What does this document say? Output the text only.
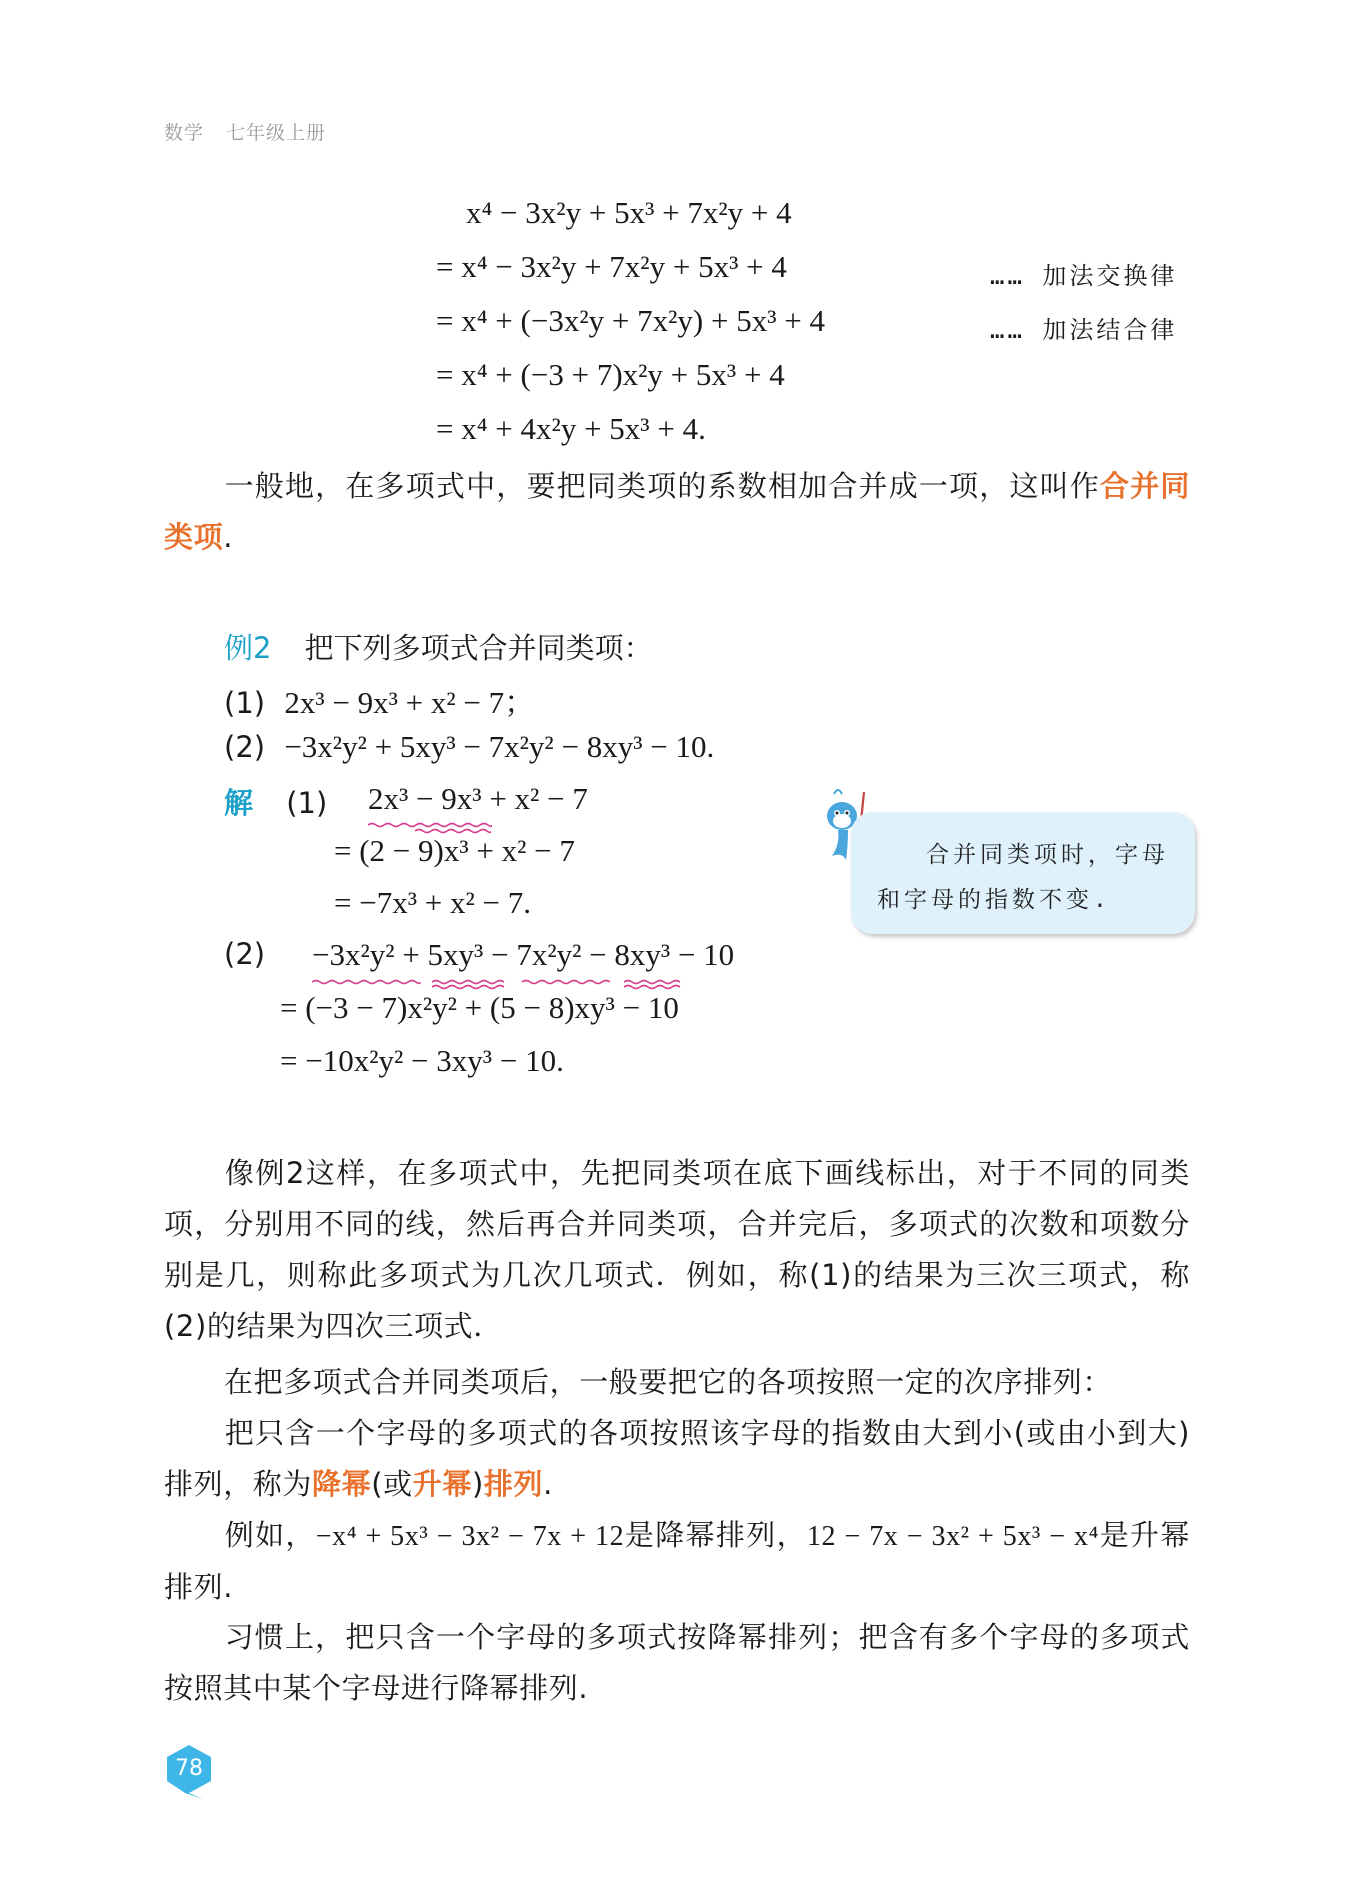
数学 七年级上册
x⁴ − 3x²y + 5x³ + 7x²y + 4
= x⁴ − 3x²y + 7x²y + 5x³ + 4	…… 加法交换律
= x⁴ + (−3x²y + 7x²y) + 5x³ + 4	…… 加法结合律
= x⁴ + (−3 + 7)x²y + 5x³ + 4
= x⁴ + 4x²y + 5x³ + 4.
一般地，在多项式中，要把同类项的系数相加合并成一项，这叫作合并同类项.
例2 把下列多项式合并同类项：
(1) 2x³ − 9x³ + x² − 7；
(2) −3x²y² + 5xy³ − 7x²y² − 8xy³ − 10.
解 (1) 2x³ − 9x³ + x² − 7
= (2 − 9)x³ + x² − 7
= −7x³ + x² − 7.
(2) −3x²y² + 5xy³ − 7x²y² − 8xy³ − 10
= (−3 − 7)x²y² + (5 − 8)xy³ − 10
= −10x²y² − 3xy³ − 10.
合并同类项时，字母
和字母的指数不变.
像例2这样，在多项式中，先把同类项在底下画线标出，对于不同的同类项，分别用不同的线，然后再合并同类项，合并完后，多项式的次数和项数分别是几，则称此多项式为几次几项式．例如，称(1)的结果为三次三项式，称(2)的结果为四次三项式．
在把多项式合并同类项后，一般要把它的各项按照一定的次序排列：
把只含一个字母的多项式的各项按照该字母的指数由大到小(或由小到大)排列，称为降幂(或升幂)排列.
例如，−x⁴ + 5x³ − 3x² − 7x + 12是降幂排列，12 − 7x − 3x² + 5x³ − x⁴是升幂排列.
习惯上，把只含一个字母的多项式按降幂排列；把含有多个字母的多项式按照其中某个字母进行降幂排列.
78
